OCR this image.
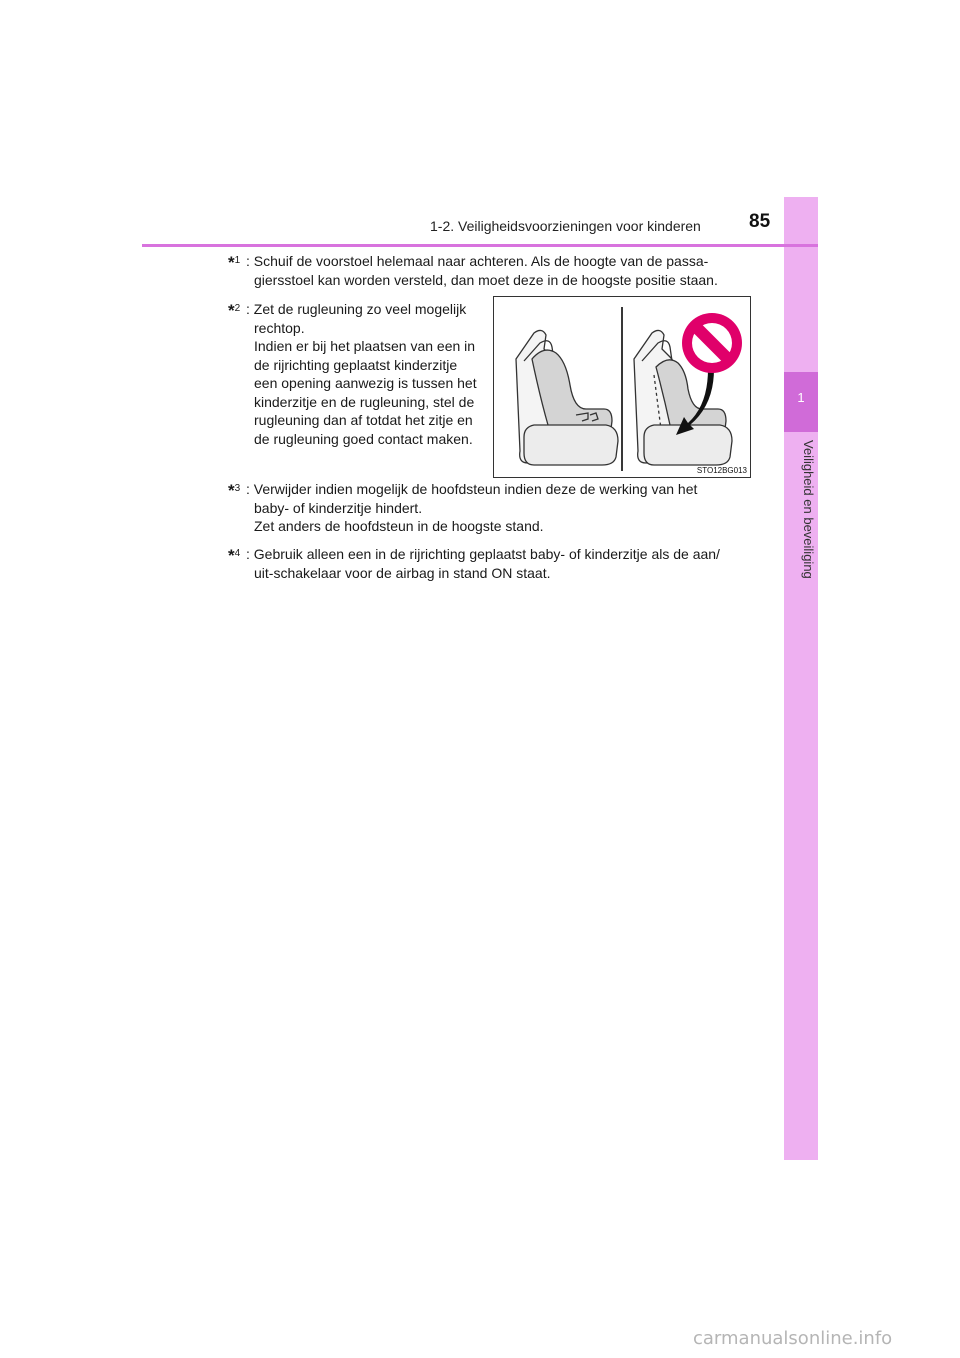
1
Veiligheid en beveiliging
1-2. Veiligheidsvoorzieningen voor kinderen	85
*$^1$ : Schuif de voorstoel helemaal naar achteren. Als de hoogte van de passa-
giersstoel kan worden versteld, dan moet deze in de hoogste positie staan.
*$^2$ : Zet de rugleuning zo veel mogelijk
rechtop.
Indien er bij het plaatsen van een in
de rijrichting geplaatst kinderzitje
een opening aanwezig is tussen het
kinderzitje en de rugleuning, stel de
rugleuning dan af totdat het zitje en
de rugleuning goed contact maken.
STO12BG013
*$^3$ : Verwijder indien mogelijk de hoofdsteun indien deze de werking van het
baby- of kinderzitje hindert.
Zet anders de hoofdsteun in de hoogste stand.
*$^4$ : Gebruik alleen een in de rijrichting geplaatst baby- of kinderzitje als de aan/
uit-schakelaar voor de airbag in stand ON staat.
carmanualsonline.info
